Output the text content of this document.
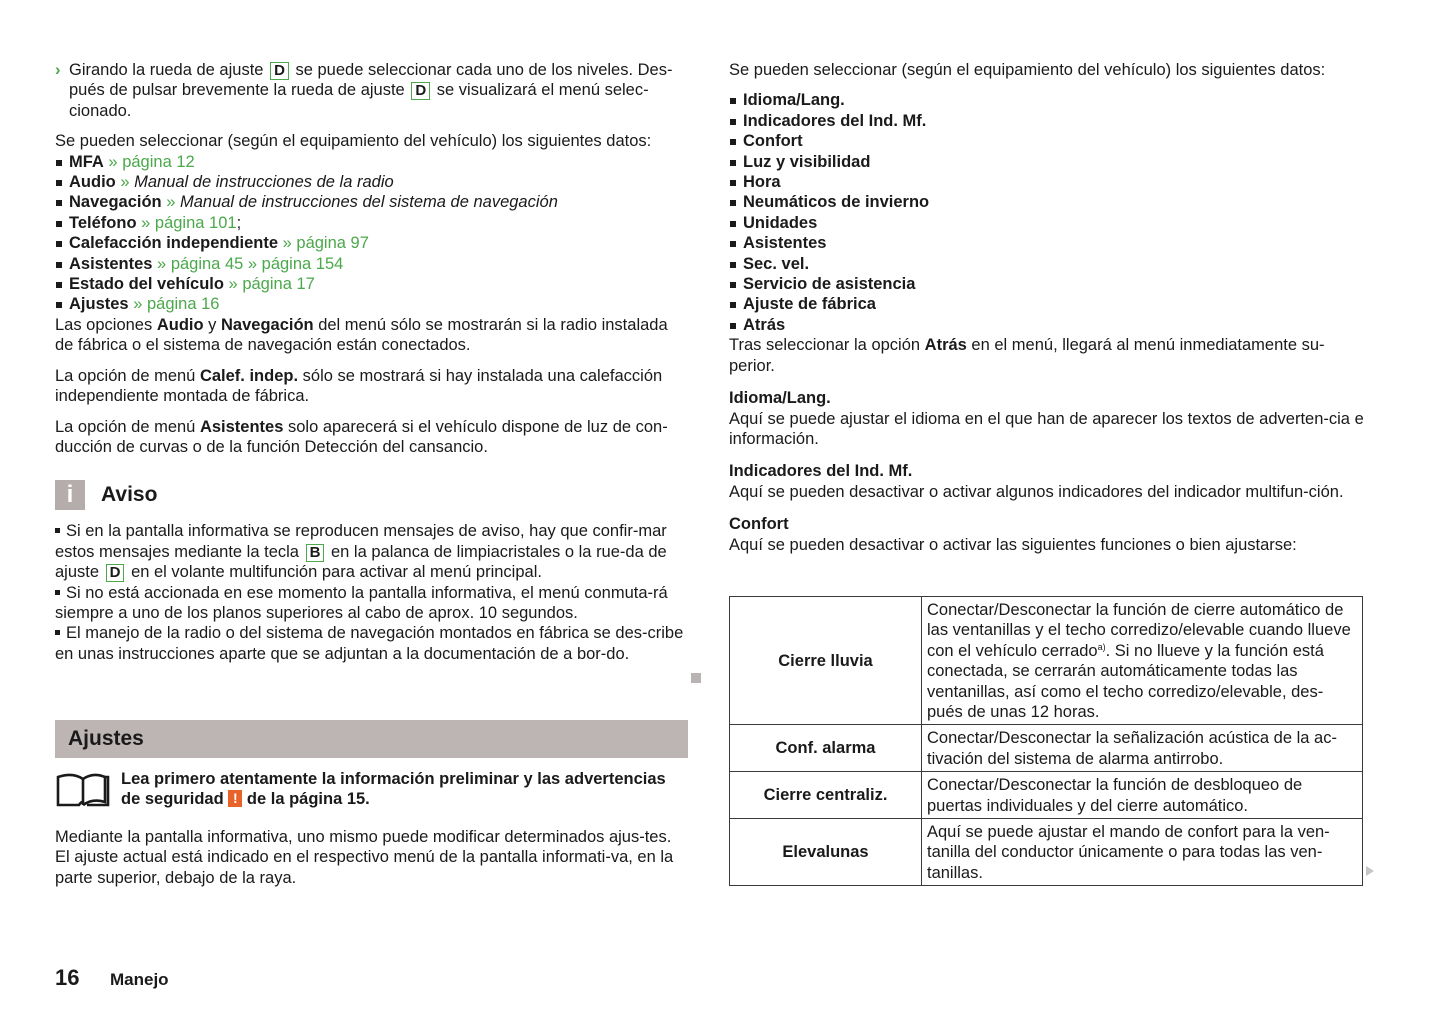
› Girando la rueda de ajuste D se puede seleccionar cada uno de los niveles. Des-pués de pulsar brevemente la rueda de ajuste D se visualizará el menú selec-cionado.

Se pueden seleccionar (según el equipamiento del vehículo) los siguientes datos:

MFA » página 12
Audio » Manual de instrucciones de la radio
Navegación » Manual de instrucciones del sistema de navegación
Teléfono » página 101;
Calefacción independiente » página 97
Asistentes » página 45 » página 154
Estado del vehículo » página 17
Ajustes » página 16

Las opciones Audio y Navegación del menú sólo se mostrarán si la radio instalada de fábrica o el sistema de navegación están conectados.

La opción de menú Calef. indep. sólo se mostrará si hay instalada una calefacción independiente montada de fábrica.

La opción de menú Asistentes solo aparecerá si el vehículo dispone de luz de con-ducción de curvas o de la función Detección del cansancio.

i	Aviso

Si en la pantalla informativa se reproducen mensajes de aviso, hay que confir-mar estos mensajes mediante la tecla B en la palanca de limpiacristales o la rue-da de ajuste D en el volante multifunción para activar al menú principal.

Si no está accionada en ese momento la pantalla informativa, el menú conmuta-rá siempre a uno de los planos superiores al cabo de aprox. 10 segundos.

El manejo de la radio o del sistema de navegación montados en fábrica se des-cribe en unas instrucciones aparte que se adjuntan a la documentación de a bor-do.

Ajustes
Lea primero atentamente la información preliminar y las advertencias de seguridad ! de la página 15.

Mediante la pantalla informativa, uno mismo puede modificar determinados ajus-tes. El ajuste actual está indicado en el respectivo menú de la pantalla informati-va, en la parte superior, debajo de la raya.

Se pueden seleccionar (según el equipamiento del vehículo) los siguientes datos:

Idioma/Lang.
Indicadores del Ind. Mf.
Confort
Luz y visibilidad
Hora
Neumáticos de invierno
Unidades
Asistentes
Sec. vel.
Servicio de asistencia
Ajuste de fábrica
Atrás

Tras seleccionar la opción Atrás en el menú, llegará al menú inmediatamente su-perior.

Idioma/Lang.

Aquí se puede ajustar el idioma en el que han de aparecer los textos de adverten-cia e información.

Indicadores del Ind. Mf.

Aquí se pueden desactivar o activar algunos indicadores del indicador multifun-ción.

Confort

Aquí se pueden desactivar o activar las siguientes funciones o bien ajustarse:

Cierre lluvia	Conectar/Desconectar la función de cierre automático de las ventanillas y el techo corredizo/elevable cuando llueve con el vehículo cerrado$^{a)}$. Si no llueve y la función está conectada, se cerrarán automáticamente todas las ventanillas, así como el techo corredizo/elevable, des-pués de unas 12 horas.
Conf. alarma	Conectar/Desconectar la señalización acústica de la ac-tivación del sistema de alarma antirrobo.
Cierre centraliz.	Conectar/Desconectar la función de desbloqueo de puertas individuales y del cierre automático.
Elevalunas	Aquí se puede ajustar el mando de confort para la ven-tanilla del conductor únicamente o para todas las ven-tanillas.
16	Manejo
